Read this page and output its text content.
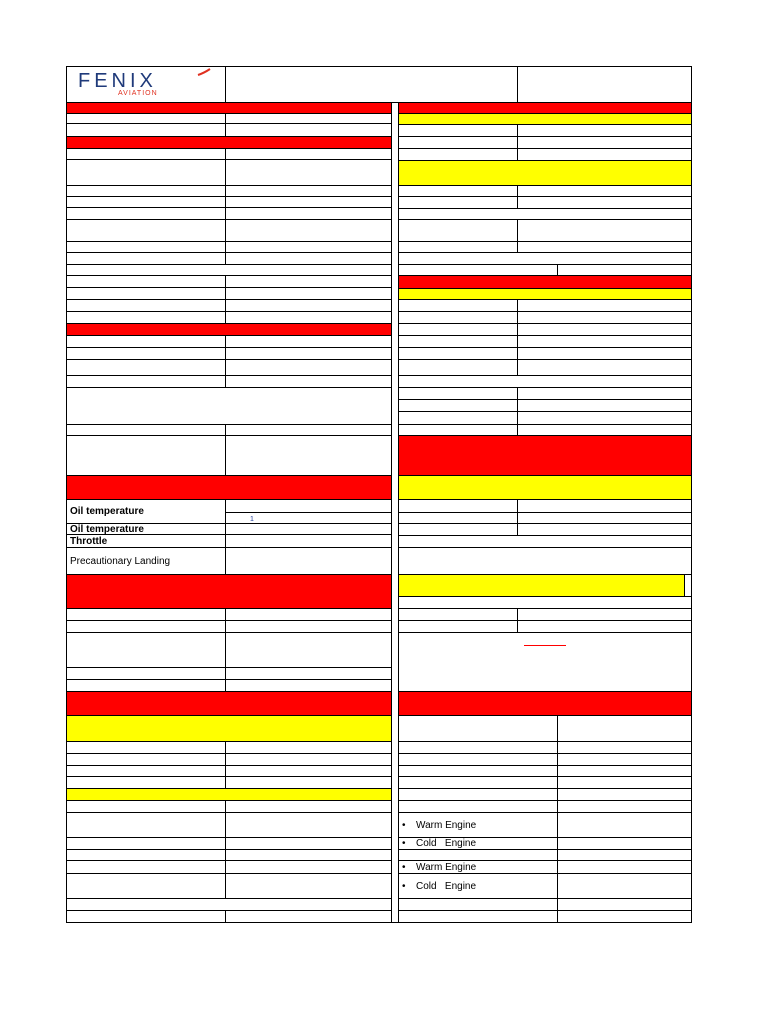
FENIX
AVIATION
Oil temperature
1
Oil temperature
Throttle
Precautionary Landing
•	Warm Engine
•	Cold   Engine
•	Warm Engine
•	Cold   Engine
